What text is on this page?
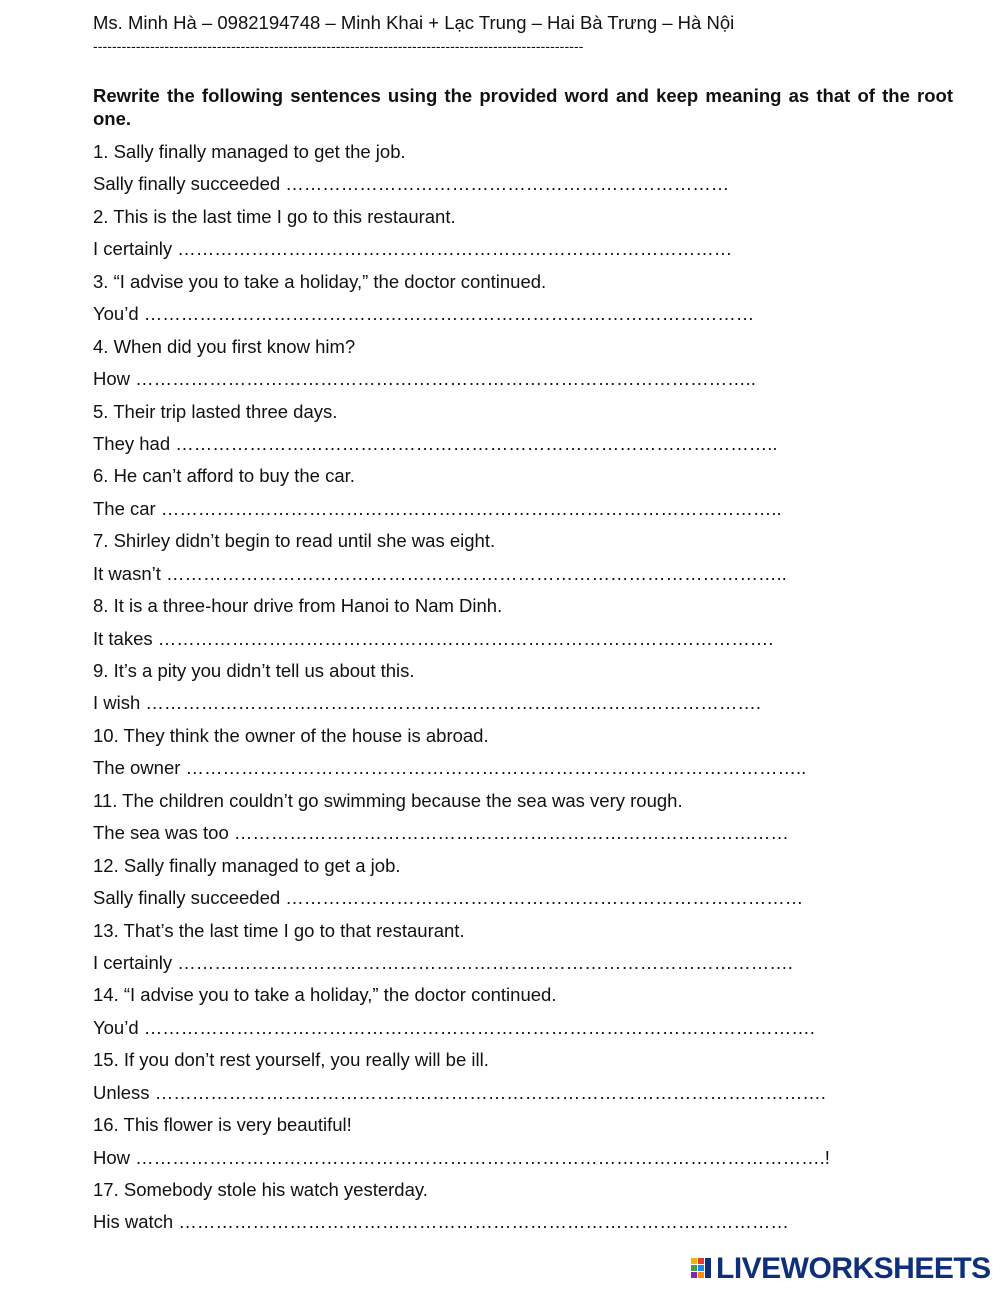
Ms. Minh Hà – 0982194748 – Minh Khai + Lạc Trung – Hai Bà Trưng – Hà Nội
-------------------------------------------------------------------------------------------------------
Rewrite the following sentences using the provided word and keep meaning as that of the root one.
1. Sally finally managed to get the job.
Sally finally succeeded ………………………………………………………………
2. This is the last time I go to this restaurant.
I certainly ………………………………………………………………………………
3. “I advise you to take a holiday,” the doctor continued.
You’d ………………………………………………………………………………………
4. When did you first know him?
How ………………………………………………………………………………………..
5. Their trip lasted three days.
They had ……………………………………………………………………………………..
6. He can’t afford to buy the car.
The car ………………………………………………………………………………………..
7. Shirley didn’t begin to read until she was eight.
It wasn’t ………………………………………………………………………………………..
8. It is a three-hour drive from Hanoi to Nam Dinh.
It takes ……………………………………………………………………………………….
9. It’s a pity you didn’t tell us about this.
I wish ……………………………………………………………………………………….
10. They think the owner of the house is abroad.
The owner ………………………………………………………………………………………..
11. The children couldn’t go swimming because the sea was very rough.
The sea was too ………………………………………………………………………………
12. Sally finally managed to get a job.
Sally finally succeeded …………………………………………………………………………
13. That’s the last time I go to that restaurant.
I certainly ……………………………………………………………………………………….
14. “I advise you to take a holiday,” the doctor continued.
You’d ……………………………………………………………………………………………….
15. If you don’t rest yourself, you really will be ill.
Unless ……………………………………………………………………………………………….
16. This flower is very beautiful!
How ………………………………………………………………………………………………….!
17. Somebody stole his watch yesterday.
His watch ………………………………………………………………………………………
LIVEWORKSHEETS
